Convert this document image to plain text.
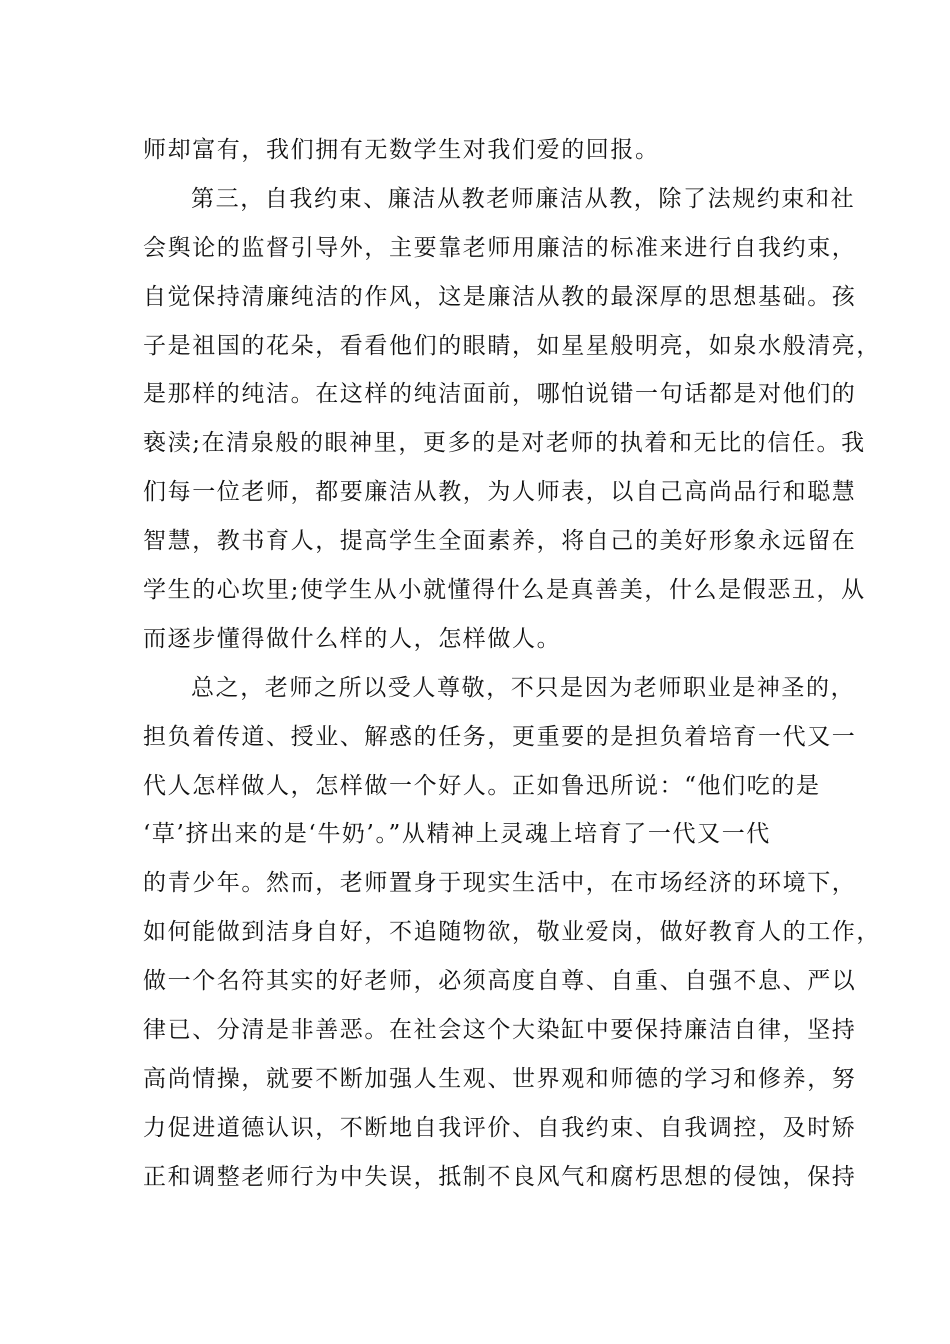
师却富有，我们拥有无数学生对我们爱的回报。
第三，自我约束、廉洁从教老师廉洁从教，除了法规约束和社
会舆论的监督引导外，主要靠老师用廉洁的标准来进行自我约束，
自觉保持清廉纯洁的作风，这是廉洁从教的最深厚的思想基础。孩
子是祖国的花朵，看看他们的眼睛，如星星般明亮，如泉水般清亮，
是那样的纯洁。在这样的纯洁面前，哪怕说错一句话都是对他们的
亵渎;在清泉般的眼神里，更多的是对老师的执着和无比的信任。我
们每一位老师，都要廉洁从教，为人师表，以自己高尚品行和聪慧
智慧，教书育人，提高学生全面素养，将自己的美好形象永远留在
学生的心坎里;使学生从小就懂得什么是真善美，什么是假恶丑，从
而逐步懂得做什么样的人，怎样做人。
总之，老师之所以受人尊敬，不只是因为老师职业是神圣的，
担负着传道、授业、解惑的任务，更重要的是担负着培育一代又一
代人怎样做人，怎样做一个好人。正如鲁迅所说：“他们吃的是
‘草’挤出来的是‘牛奶’。”从精神上灵魂上培育了一代又一代
的青少年。然而，老师置身于现实生活中，在市场经济的环境下，
如何能做到洁身自好，不追随物欲，敬业爱岗，做好教育人的工作，
做一个名符其实的好老师，必须高度自尊、自重、自强不息、严以
律已、分清是非善恶。在社会这个大染缸中要保持廉洁自律，坚持
高尚情操，就要不断加强人生观、世界观和师德的学习和修养，努
力促进道德认识，不断地自我评价、自我约束、自我调控，及时矫
正和调整老师行为中失误，抵制不良风气和腐朽思想的侵蚀，保持
